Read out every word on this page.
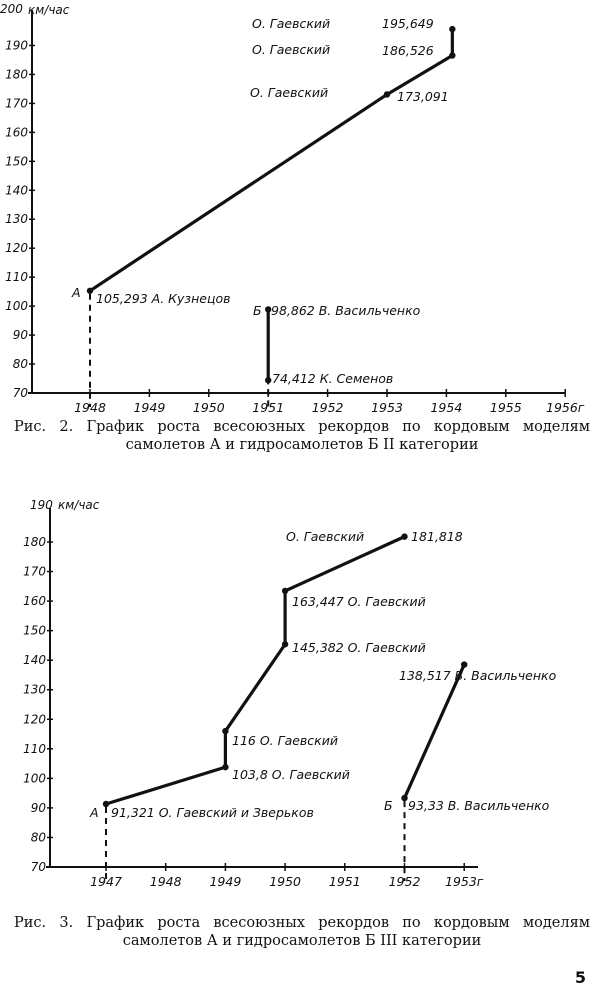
200 км/час
70
80
90
100
110
120
130
140
150
160
170
180
190
1948 1949 1950 1951 1952 1953 1954 1955 1956г
О. Гаевский	195,649
О. Гаевский	186,526
О. Гаевский	173,091
А 105,293 А. Кузнецов
Б 98,862 В. Васильченко
74,412 К. Семенов
190 км/час
70
80
90
100
110
120
130
140
150
160
170
180
1947 1948 1949 1950 1951 1952 1953г
О. Гаевский	181,818
163,447 О. Гаевский
145,382 О. Гаевский
116 О. Гаевский
103,8 О. Гаевский
А 91,321 О. Гаевский и Зверьков
138,517 В. Васильченко
Б 93,33 В. Васильченко
Рис. 2. График роста всесоюзных рекордов по кордовым моделям самолетов А и гидросамолетов Б II категории
Рис. 3. График роста всесоюзных рекордов по кордовым моделям самолетов А и гидросамолетов Б III категории
5
